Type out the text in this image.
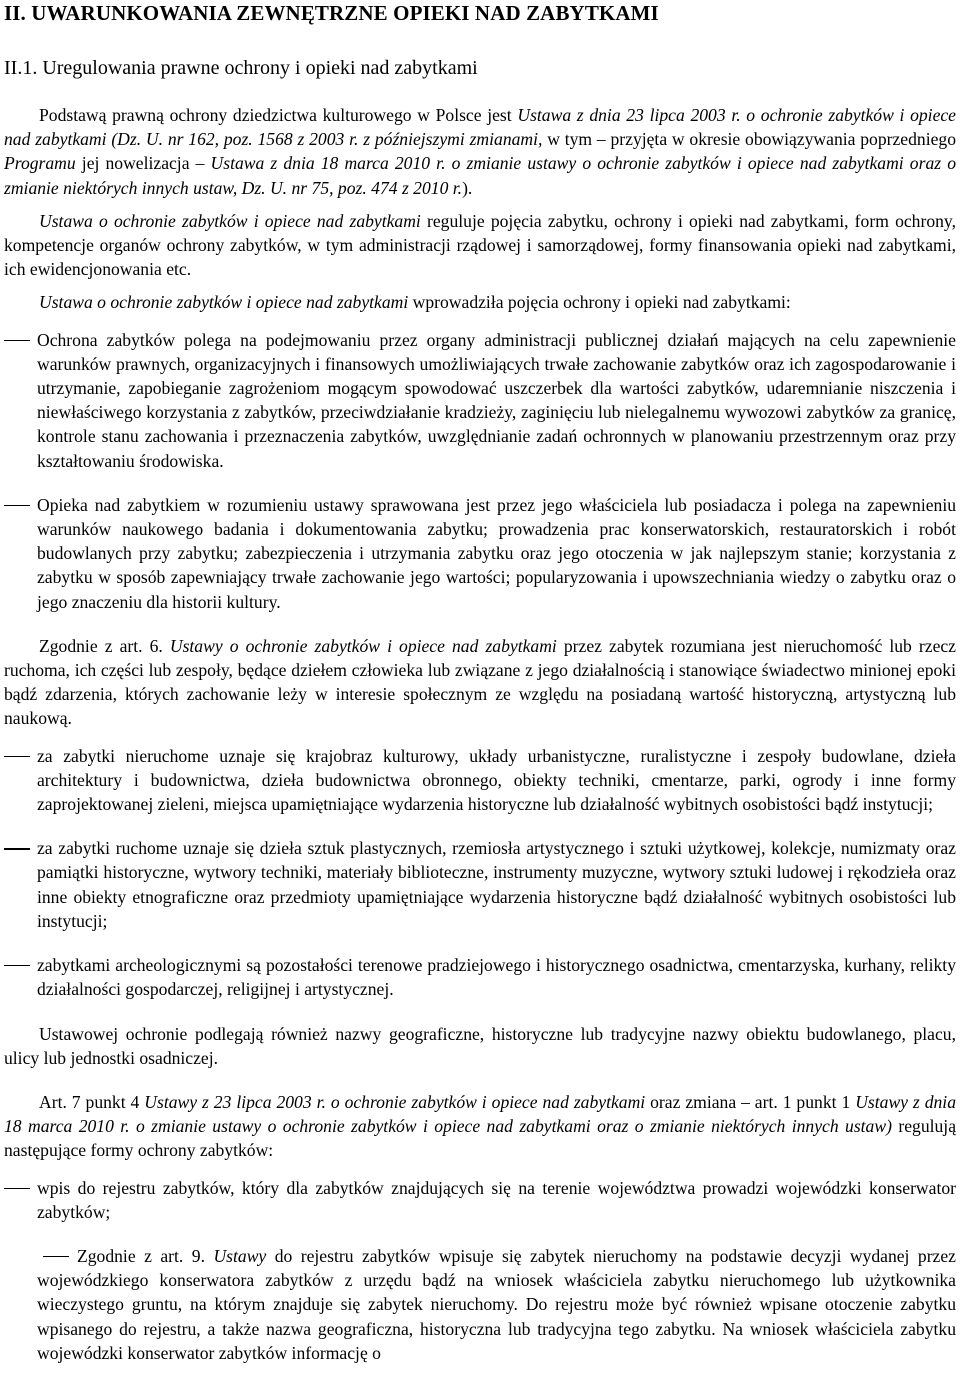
II. UWARUNKOWANIA ZEWNĘTRZNE OPIEKI NAD ZABYTKAMI
II.1. Uregulowania prawne ochrony i opieki nad zabytkami

Podstawą prawną ochrony dziedzictwa kulturowego w Polsce jest Ustawa z dnia 23 lipca 2003 r. o ochronie zabytków i opiece nad zabytkami (Dz. U. nr 162, poz. 1568 z 2003 r. z późniejszymi zmianami, w tym – przyjęta w okresie obowiązywania poprzedniego Programu jej nowelizacja – Ustawa z dnia 18 marca 2010 r. o zmianie ustawy o ochronie zabytków i opiece nad zabytkami oraz o zmianie niektórych innych ustaw, Dz. U. nr 75, poz. 474 z 2010 r.).

Ustawa o ochronie zabytków i opiece nad zabytkami reguluje pojęcia zabytku, ochrony i opieki nad zabytkami, form ochrony, kompetencje organów ochrony zabytków, w tym administracji rządowej i samorządowej, formy finansowania opieki nad zabytkami, ich ewidencjonowania etc.

Ustawa o ochronie zabytków i opiece nad zabytkami wprowadziła pojęcia ochrony i opieki nad zabytkami:

Ochrona zabytków polega na podejmowaniu przez organy administracji publicznej działań mających na celu zapewnienie warunków prawnych, organizacyjnych i finansowych umożliwiających trwałe zachowanie zabytków oraz ich zagospodarowanie i utrzymanie, zapobieganie zagrożeniom mogącym spowodować uszczerbek dla wartości zabytków, udaremnianie niszczenia i niewłaściwego korzystania z zabytków, przeciwdziałanie kradzieży, zaginięciu lub nielegalnemu wywozowi zabytków za granicę, kontrole stanu zachowania i przeznaczenia zabytków, uwzględnianie zadań ochronnych w planowaniu przestrzennym oraz przy kształtowaniu środowiska.
Opieka nad zabytkiem w rozumieniu ustawy sprawowana jest przez jego właściciela lub posiadacza i polega na zapewnieniu warunków naukowego badania i dokumentowania zabytku; prowadzenia prac konserwatorskich, restauratorskich i robót budowlanych przy zabytku; zabezpieczenia i utrzymania zabytku oraz jego otoczenia w jak najlepszym stanie; korzystania z zabytku w sposób zapewniający trwałe zachowanie jego wartości; popularyzowania i upowszechniania wiedzy o zabytku oraz o jego znaczeniu dla historii kultury.

Zgodnie z art. 6. Ustawy o ochronie zabytków i opiece nad zabytkami przez zabytek rozumiana jest nieruchomość lub rzecz ruchoma, ich części lub zespoły, będące dziełem człowieka lub związane z jego działalnością i stanowiące świadectwo minionej epoki bądź zdarzenia, których zachowanie leży w interesie społecznym ze względu na posiadaną wartość historyczną, artystyczną lub naukową.

za zabytki nieruchome uznaje się krajobraz kulturowy, układy urbanistyczne, ruralistyczne i zespoły budowlane, dzieła architektury i budownictwa, dzieła budownictwa obronnego, obiekty techniki, cmentarze, parki, ogrody i inne formy zaprojektowanej zieleni, miejsca upamiętniające wydarzenia historyczne lub działalność wybitnych osobistości bądź instytucji;
za zabytki ruchome uznaje się dzieła sztuk plastycznych, rzemiosła artystycznego i sztuki użytkowej, kolekcje, numizmaty oraz pamiątki historyczne, wytwory techniki, materiały biblioteczne, instrumenty muzyczne, wytwory sztuki ludowej i rękodzieła oraz inne obiekty etnograficzne oraz przedmioty upamiętniające wydarzenia historyczne bądź działalność wybitnych osobistości lub instytucji;
zabytkami archeologicznymi są pozostałości terenowe pradziejowego i historycznego osadnictwa, cmentarzyska, kurhany, relikty działalności gospodarczej, religijnej i artystycznej.

Ustawowej ochronie podlegają również nazwy geograficzne, historyczne lub tradycyjne nazwy obiektu budowlanego, placu, ulicy lub jednostki osadniczej.

Art. 7 punkt 4 Ustawy z 23 lipca 2003 r. o ochronie zabytków i opiece nad zabytkami oraz zmiana – art. 1 punkt 1 Ustawy z dnia 18 marca 2010 r. o zmianie ustawy o ochronie zabytków i opiece nad zabytkami oraz o zmianie niektórych innych ustaw) regulują następujące formy ochrony zabytków:

wpis do rejestru zabytków, który dla zabytków znajdujących się na terenie województwa prowadzi wojewódzki konserwator zabytków;

Zgodnie z art. 9. Ustawy do rejestru zabytków wpisuje się zabytek nieruchomy na podstawie decyzji wydanej przez wojewódzkiego konserwatora zabytków z urzędu bądź na wniosek właściciela zabytku nieruchomego lub użytkownika wieczystego gruntu, na którym znajduje się zabytek nieruchomy. Do rejestru może być również wpisane otoczenie zabytku wpisanego do rejestru, a także nazwa geograficzna, historyczna lub tradycyjna tego zabytku. Na wniosek właściciela zabytku wojewódzki konserwator zabytków informację o
